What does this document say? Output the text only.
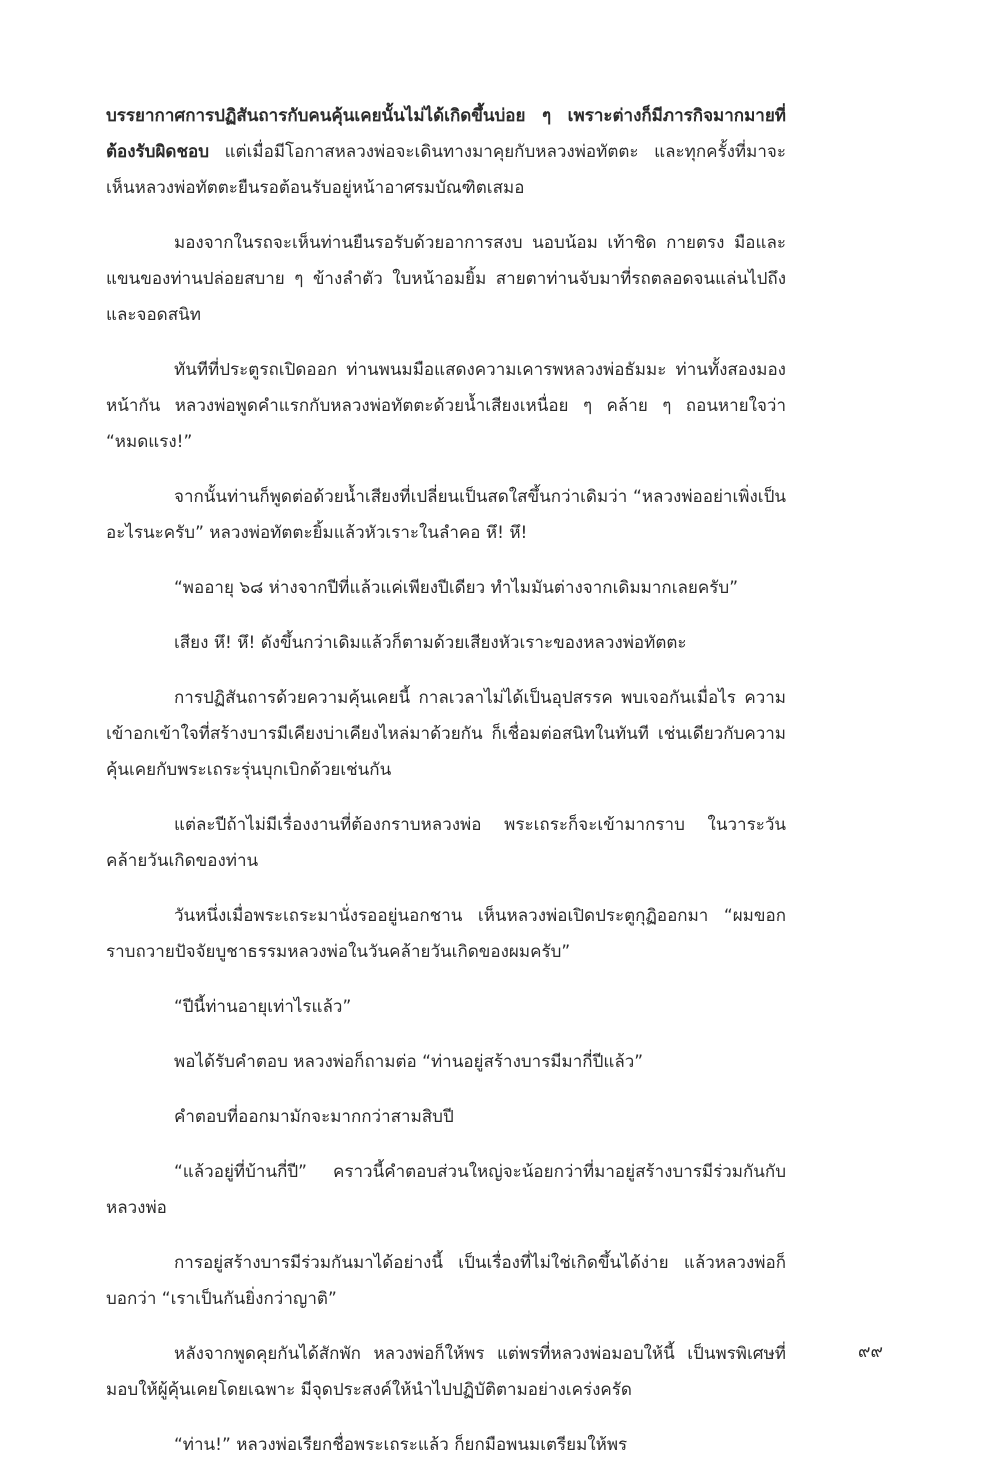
บรรยากาศการปฏิสันถารกับคนคุ้นเคยนั้นไม่ได้เกิดขึ้นบ่อย ๆ เพราะต่างก็มีภารกิจมากมายที่ต้องรับผิดชอบ แต่เมื่อมีโอกาสหลวงพ่อจะเดินทางมาคุยกับหลวงพ่อทัตตะ และทุกครั้งที่มาจะเห็นหลวงพ่อทัตตะยืนรอต้อนรับอยู่หน้าอาศรมบัณฑิตเสมอ

มองจากในรถจะเห็นท่านยืนรอรับด้วยอาการสงบ นอบน้อม เท้าชิด กายตรง มือและแขนของท่านปล่อยสบาย ๆ ข้างลำตัว ใบหน้าอมยิ้ม สายตาท่านจับมาที่รถตลอดจนแล่นไปถึงและจอดสนิท

ทันทีที่ประตูรถเปิดออก ท่านพนมมือแสดงความเคารพหลวงพ่อธัมมะ ท่านทั้งสองมองหน้ากัน หลวงพ่อพูดคำแรกกับหลวงพ่อทัตตะด้วยน้ำเสียงเหนื่อย ๆ คล้าย ๆ ถอนหายใจว่า “หมดแรง!”

จากนั้นท่านก็พูดต่อด้วยน้ำเสียงที่เปลี่ยนเป็นสดใสขึ้นกว่าเดิมว่า “หลวงพ่ออย่าเพิ่งเป็นอะไรนะครับ” หลวงพ่อทัตตะยิ้มแล้วหัวเราะในลำคอ หึ! หึ!

“พออายุ ๖๘ ห่างจากปีที่แล้วแค่เพียงปีเดียว ทำไมมันต่างจากเดิมมากเลยครับ”

เสียง หึ! หึ! ดังขึ้นกว่าเดิมแล้วก็ตามด้วยเสียงหัวเราะของหลวงพ่อทัตตะ

การปฏิสันถารด้วยความคุ้นเคยนี้ กาลเวลาไม่ได้เป็นอุปสรรค พบเจอกันเมื่อไร ความเข้าอกเข้าใจที่สร้างบารมีเคียงบ่าเคียงไหล่มาด้วยกัน ก็เชื่อมต่อสนิทในทันที เช่นเดียวกับความคุ้นเคยกับพระเถระรุ่นบุกเบิกด้วยเช่นกัน

แต่ละปีถ้าไม่มีเรื่องงานที่ต้องกราบหลวงพ่อ พระเถระก็จะเข้ามากราบ ในวาระวันคล้ายวันเกิดของท่าน

วันหนึ่งเมื่อพระเถระมานั่งรออยู่นอกชาน เห็นหลวงพ่อเปิดประตูกุฏิออกมา “ผมขอกราบถวายปัจจัยบูชาธรรมหลวงพ่อในวันคล้ายวันเกิดของผมครับ”

“ปีนี้ท่านอายุเท่าไรแล้ว”

พอได้รับคำตอบ หลวงพ่อก็ถามต่อ “ท่านอยู่สร้างบารมีมากี่ปีแล้ว”

คำตอบที่ออกมามักจะมากกว่าสามสิบปี

“แล้วอยู่ที่บ้านกี่ปี” คราวนี้คำตอบส่วนใหญ่จะน้อยกว่าที่มาอยู่สร้างบารมีร่วมกันกับหลวงพ่อ

การอยู่สร้างบารมีร่วมกันมาได้อย่างนี้ เป็นเรื่องที่ไม่ใช่เกิดขึ้นได้ง่าย แล้วหลวงพ่อก็บอกว่า “เราเป็นกันยิ่งกว่าญาติ”

หลังจากพูดคุยกันได้สักพัก หลวงพ่อก็ให้พร แต่พรที่หลวงพ่อมอบให้นี้ เป็นพรพิเศษที่มอบให้ผู้คุ้นเคยโดยเฉพาะ มีจุดประสงค์ให้นำไปปฏิบัติตามอย่างเคร่งครัด

“ท่าน!” หลวงพ่อเรียกชื่อพระเถระแล้ว ก็ยกมือพนมเตรียมให้พร

๙๙
